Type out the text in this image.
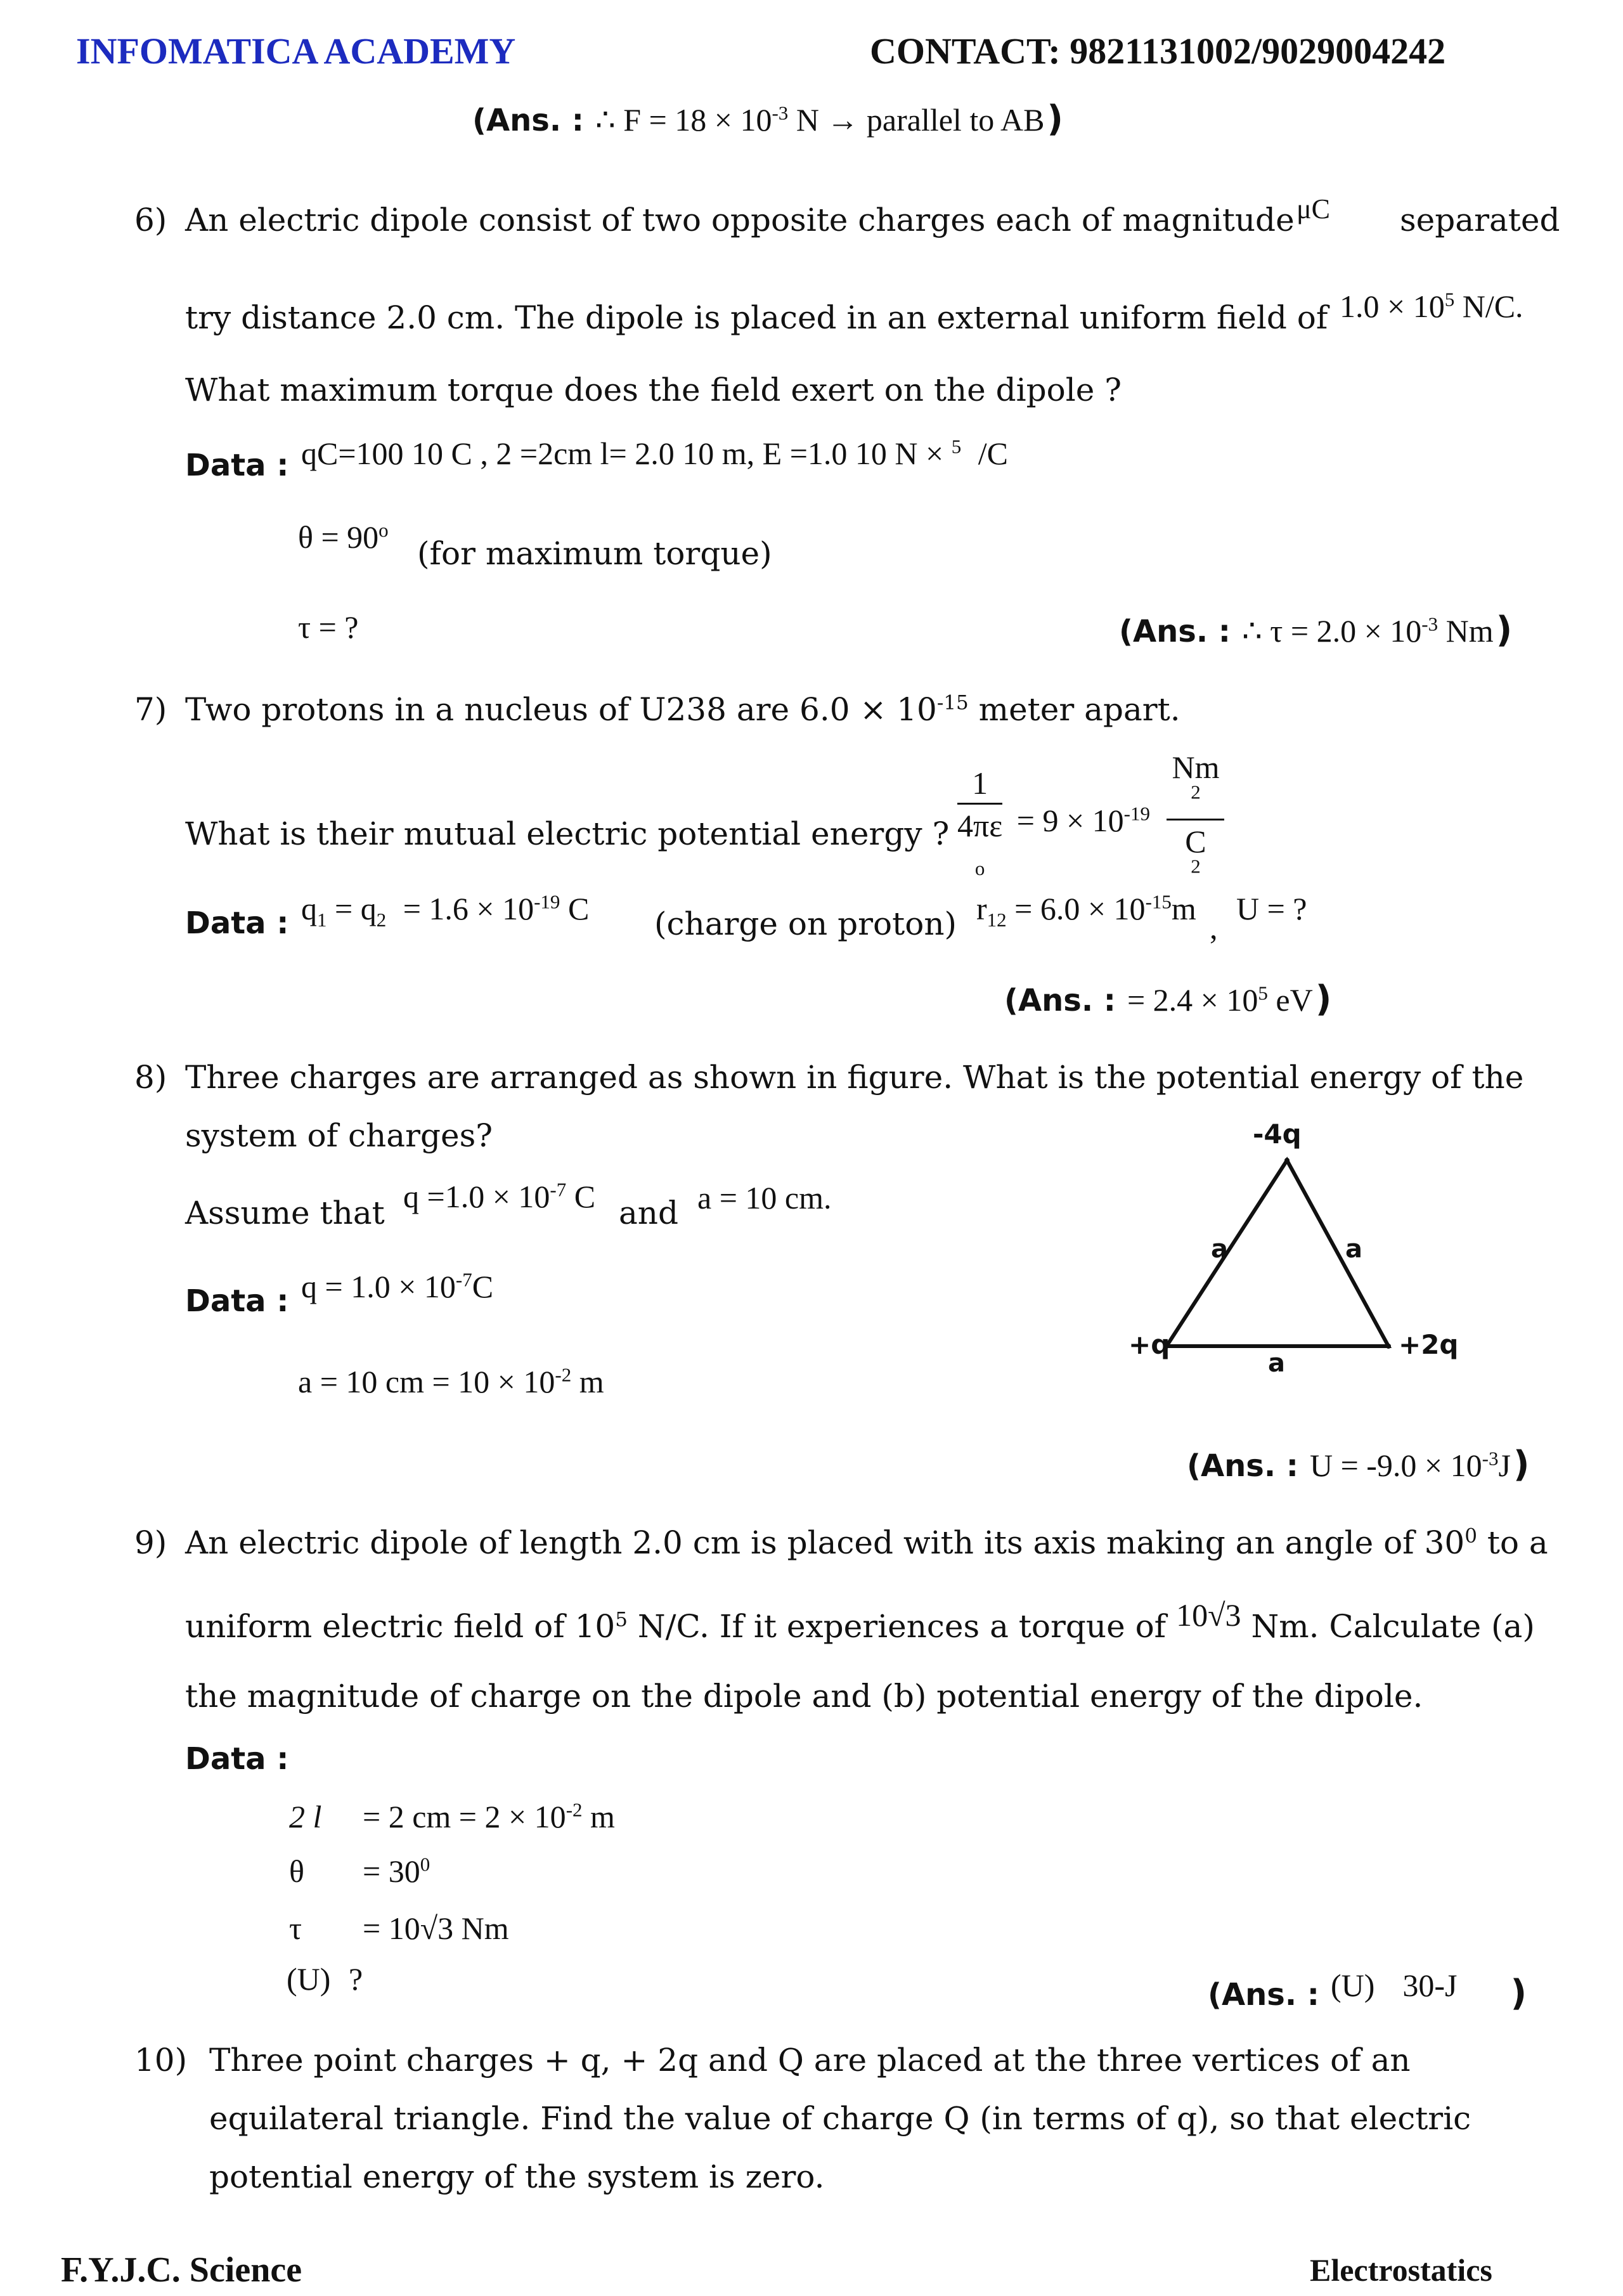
INFOMATICA ACADEMY	CONTACT: 9821131002/9029004242
(Ans. : ∴ $F = 18 \times 10^{-3}$ N → parallel to AB )
6) An electric dipole consist of two opposite charges each of magnitude μC separated
try distance 2.0 cm. The dipole is placed in an external uniform field of $1.0 \times 10^5$ N/C.
What maximum torque does the field exert on the dipole ?
Data : qC=100 10 C , 2 =2cm l= 2.0 10 m, E =1.0 10 N × $^5$ /C
$\theta = 90^o$
(for maximum torque)
τ = ?	(Ans. : ∴ $\tau = 2.0 \times 10^{-3}$ Nm )
7) Two protons in a nucleus of U238 are $6.0 \times 10^{-15}$ meter apart.
1
4πε
$_o = 9 \times 10^{-19}$ Nm
$^2$
C
$^2$
What is their mutual electric potential energy ?
Data : $q_1 = q_2 = 1.6 \times 10^{-19}$ C (charge on proton) $r_{12} = 6.0 \times 10^{-15}m$
,
U = ?
(Ans. : = $2.4 \times 10^5$ eV )
8) Three charges are arranged as shown in figure. What is the potential energy of the
system of charges?
Assume that $q =1.0 \times 10^{-7}$ C and a = 10 cm.
Data : $q = 1.0 \times 10^{-7}C$
a = 10 cm = $10 \times 10^{-2}$ m
-4q
+q	+2q
a	a
a
(Ans. : $U = -9.0 \times 10^{-3}J$ )
9) An electric dipole of length 2.0 cm is placed with its axis making an angle of $30^0$ to a
uniform electric field of $10^5$ N/C. If it experiences a torque of 10√3 Nm. Calculate (a)
the magnitude of charge on the dipole and (b) potential energy of the dipole.
Data :
2 l = 2 cm = $2 \times 10^{-2}$ m
$\theta = 30^0$
τ = 10√3 Nm
(U) ?	(Ans. : (U) 30-J )
10) Three point charges + q, + 2q and Q are placed at the three vertices of an
equilateral triangle. Find the value of charge Q (in terms of q), so that electric
potential energy of the system is zero.
F.Y.J.C. Science	Electrostatics
